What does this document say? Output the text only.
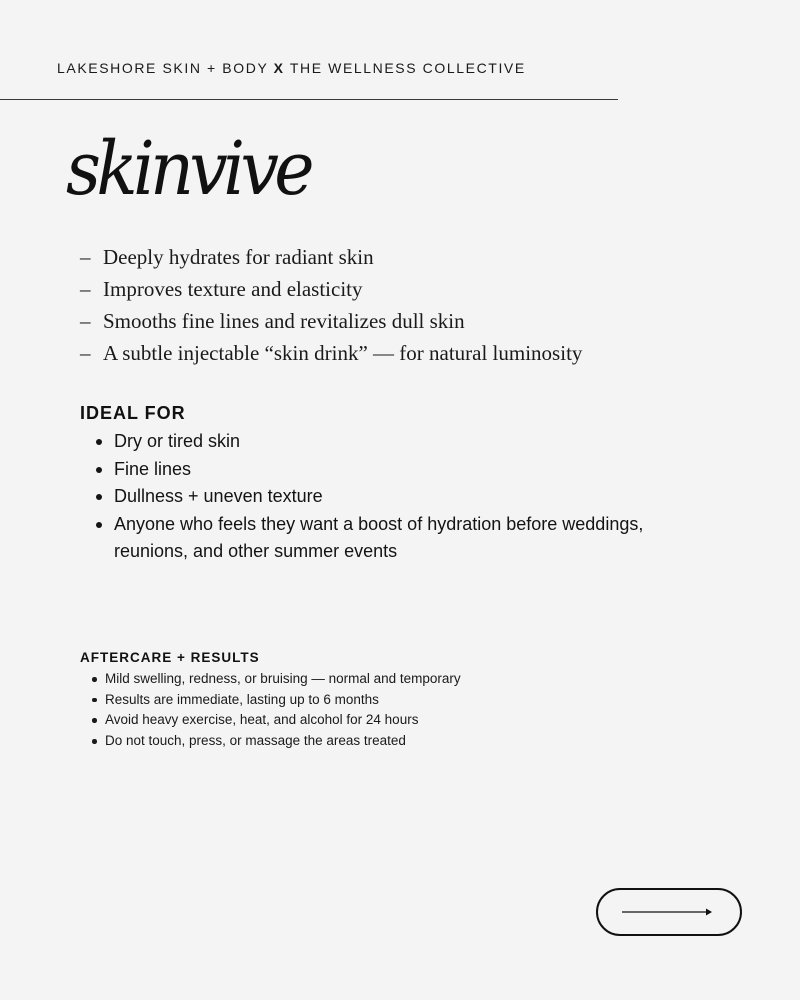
LAKESHORE SKIN + BODY X THE WELLNESS COLLECTIVE
skinvive
– Deeply hydrates for radiant skin
– Improves texture and elasticity
– Smooths fine lines and revitalizes dull skin
– A subtle injectable “skin drink” — for natural luminosity
IDEAL FOR
Dry or tired skin
Fine lines
Dullness + uneven texture
Anyone who feels they want a boost of hydration before weddings, reunions, and other summer events
AFTERCARE + RESULTS
Mild swelling, redness, or bruising — normal and temporary
Results are immediate, lasting up to 6 months
Avoid heavy exercise, heat, and alcohol for 24 hours
Do not touch, press, or massage the areas treated
